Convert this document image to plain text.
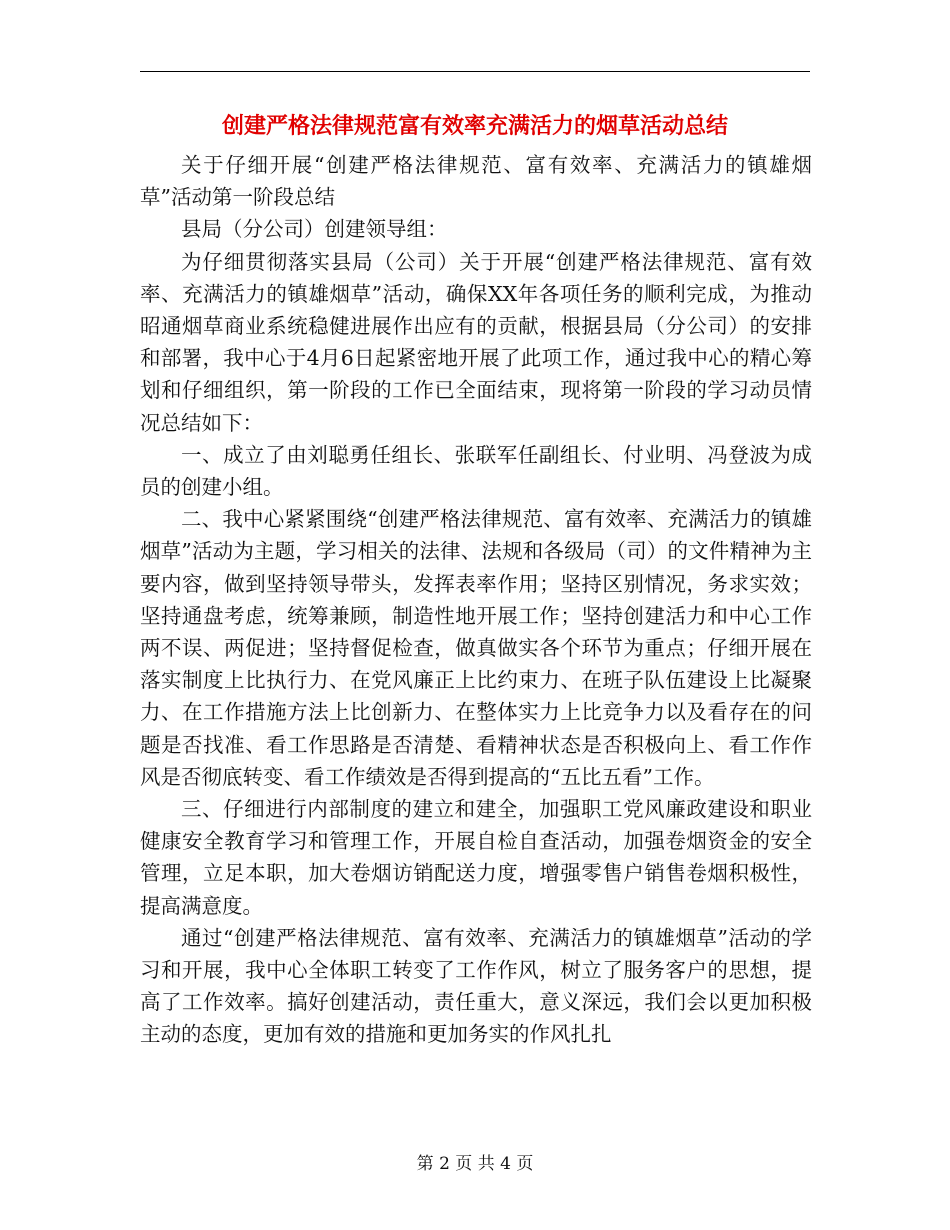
创建严格法律规范富有效率充满活力的烟草活动总结

关于仔细开展“创建严格法律规范、富有效率、充满活力的镇雄烟草”活动第一阶段总结

县局（分公司）创建领导组：

为仔细贯彻落实县局（公司）关于开展“创建严格法律规范、富有效率、充满活力的镇雄烟草”活动，确保XX年各项任务的顺利完成，为推动昭通烟草商业系统稳健进展作出应有的贡献，根据县局（分公司）的安排和部署，我中心于4月6日起紧密地开展了此项工作，通过我中心的精心筹划和仔细组织，第一阶段的工作已全面结束，现将第一阶段的学习动员情况总结如下：

一、成立了由刘聪勇任组长、张联军任副组长、付业明、冯登波为成员的创建小组。

二、我中心紧紧围绕“创建严格法律规范、富有效率、充满活力的镇雄烟草”活动为主题，学习相关的法律、法规和各级局（司）的文件精神为主要内容，做到坚持领导带头，发挥表率作用；坚持区别情况，务求实效；坚持通盘考虑，统筹兼顾，制造性地开展工作；坚持创建活力和中心工作两不误、两促进；坚持督促检查，做真做实各个环节为重点；仔细开展在落实制度上比执行力、在党风廉正上比约束力、在班子队伍建设上比凝聚力、在工作措施方法上比创新力、在整体实力上比竞争力以及看存在的问题是否找准、看工作思路是否清楚、看精神状态是否积极向上、看工作作风是否彻底转变、看工作绩效是否得到提高的“五比五看”工作。

三、仔细进行内部制度的建立和建全，加强职工党风廉政建设和职业健康安全教育学习和管理工作，开展自检自查活动，加强卷烟资金的安全管理，立足本职，加大卷烟访销配送力度，增强零售户销售卷烟积极性，提高满意度。

通过“创建严格法律规范、富有效率、充满活力的镇雄烟草”活动的学习和开展，我中心全体职工转变了工作作风，树立了服务客户的思想，提高了工作效率。搞好创建活动，责任重大，意义深远，我们会以更加积极主动的态度，更加有效的措施和更加务实的作风扎扎

第 2 页 共 4 页
